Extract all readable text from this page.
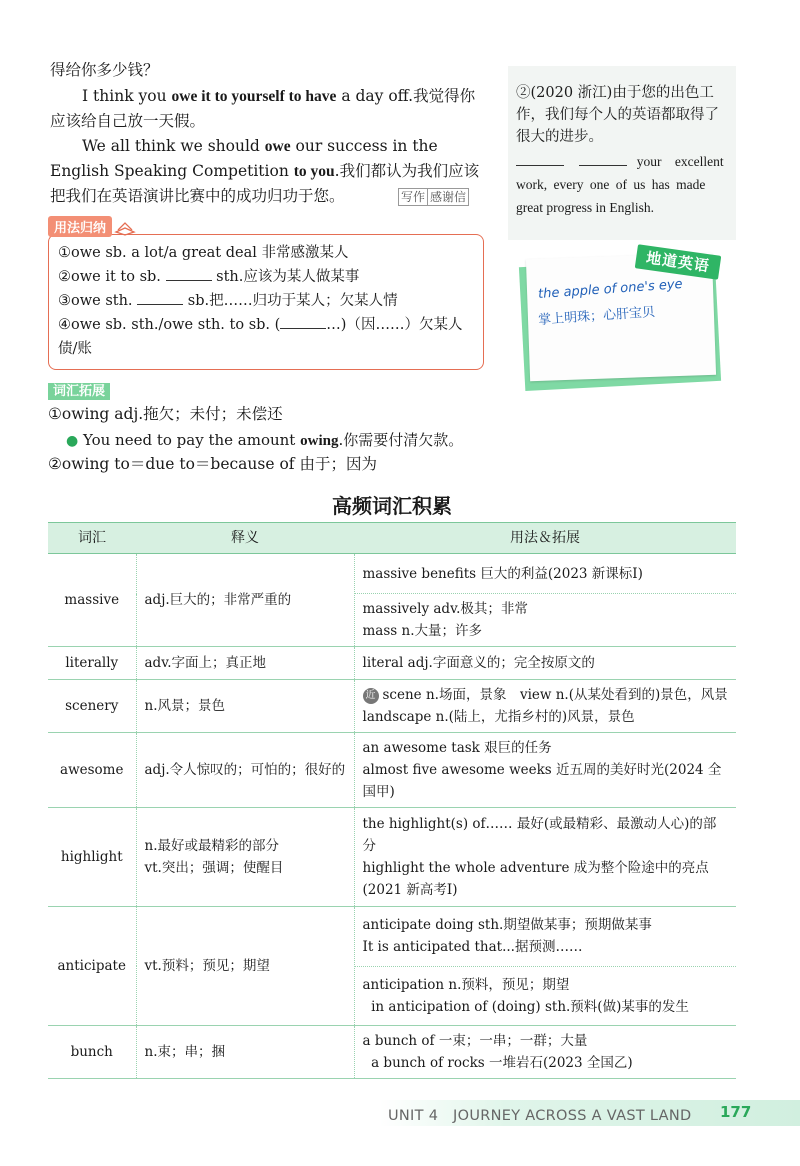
得给你多少钱？
I think you owe it to yourself to have a day off.我觉得你应该给自己放一天假。
We all think we should owe our success in the English Speaking Competition to you.我们都认为我们应该把我们在英语演讲比赛中的成功归功于您。	写作 感谢信
用法归纳
①owe sb. a lot/a great deal 非常感激某人
②owe it to sb.	sth.应该为某人做某事
③owe sth.	sb.把……归功于某人；欠某人情
④owe sb. sth./owe sth. to sb. (	…)（因……）欠某人
债/账
词汇拓展
①owing adj.拖欠；未付；未偿还
● You need to pay the amount owing.你需要付清欠款。
②owing to＝due to＝because of 由于；因为
②(2020 浙江)由于您的出色工作，我们每个人的英语都取得了很大的进步。
your excellent
work, every one of us has made
great progress in English.
地道英语
the apple of one's eye
掌上明珠；心肝宝贝
高频词汇积累
词汇	释义	用法＆拓展
massive	adj.巨大的；非常严重的	massive benefits 巨大的利益(2023 新课标Ⅰ)
		massively adv.极其；非常
mass n.大量；许多
literally	adv.字面上；真正地	literal adj.字面意义的；完全按原文的
scenery	n.风景；景色	近 scene n.场面，景象　view n.(从某处看到的)景色，风景　landscape n.(陆上，尤指乡村的)风景，景色
awesome	adj.令人惊叹的；可怕的；很好的	an awesome task 艰巨的任务
almost five awesome weeks 近五周的美好时光(2024 全国甲)
highlight	n.最好或最精彩的部分
vt.突出；强调；使醒目	the highlight(s) of…… 最好(或最精彩、最激动人心)的部分
highlight the whole adventure 成为整个险途中的亮点(2021 新高考Ⅰ)
anticipate	vt.预料；预见；期望	anticipate doing sth.期望做某事；预期做某事
It is anticipated that...据预测……
		anticipation n.预料，预见；期望
in anticipation of (doing) sth.预料(做)某事的发生
bunch	n.束；串；捆	a bunch of 一束；一串；一群；大量
a bunch of rocks 一堆岩石(2023 全国乙)
UNIT 4　JOURNEY ACROSS A VAST LAND 177
